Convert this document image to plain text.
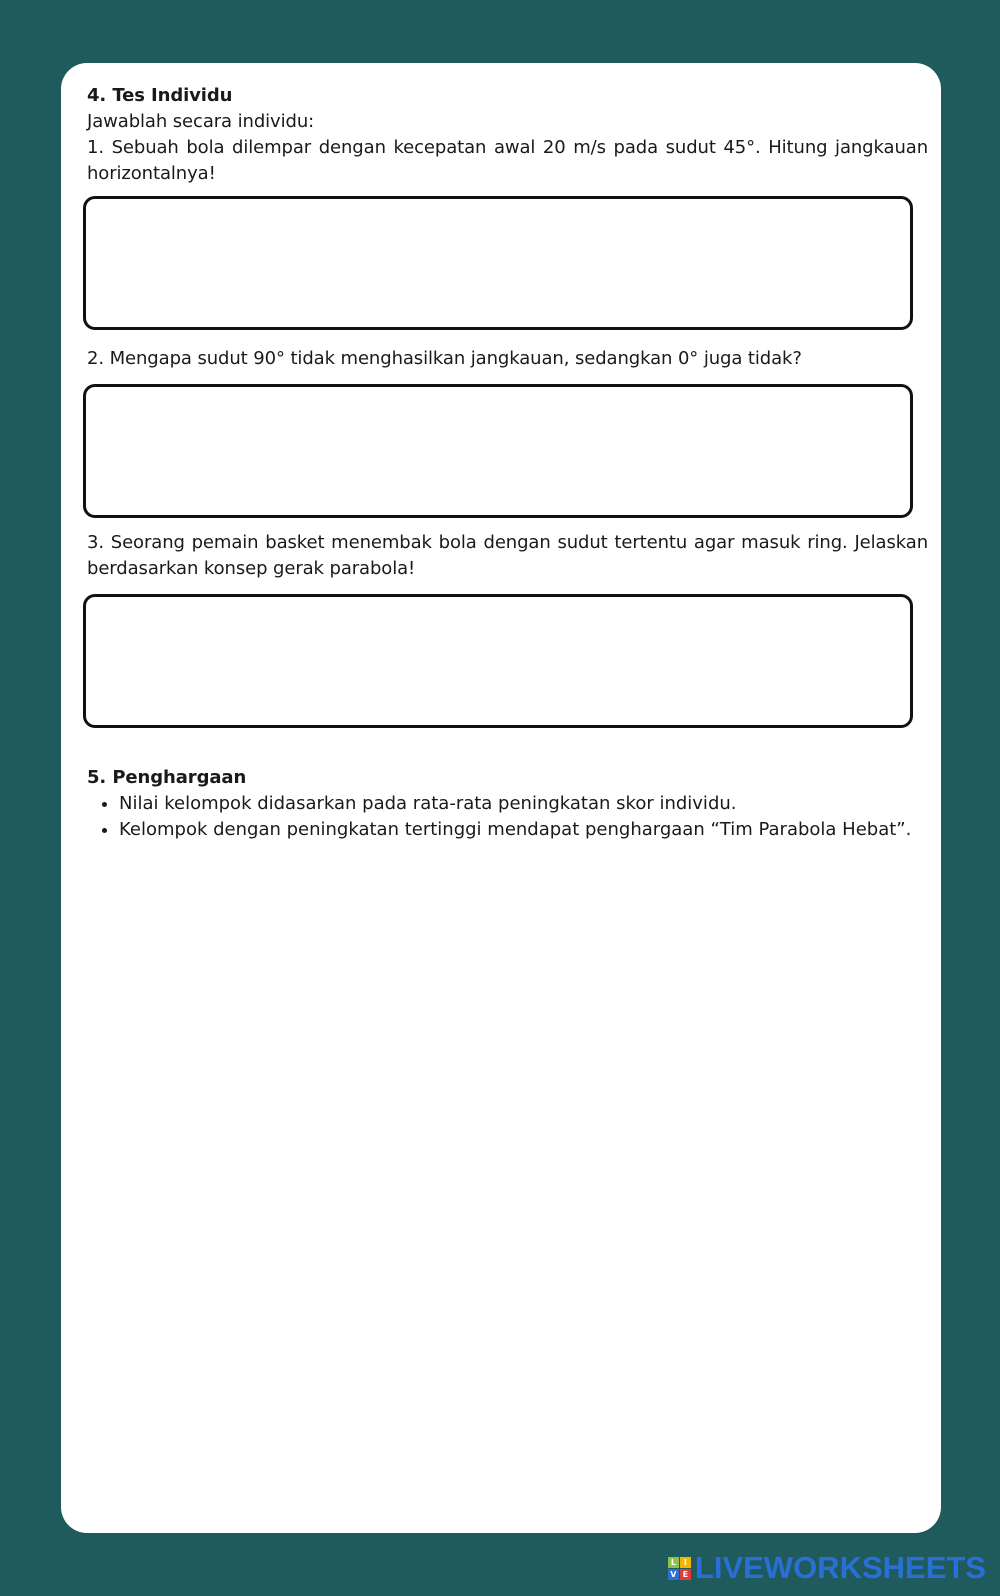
4. Tes Individu
Jawablah secara individu:
1. Sebuah bola dilempar dengan kecepatan awal 20 m/s pada sudut 45°. Hitung jangkauan horizontalnya!
2. Mengapa sudut 90° tidak menghasilkan jangkauan, sedangkan 0° juga tidak?
3. Seorang pemain basket menembak bola dengan sudut tertentu agar masuk ring. Jelaskan berdasarkan konsep gerak parabola!
5. Penghargaan
• Nilai kelompok didasarkan pada rata-rata peningkatan skor individu.
• Kelompok dengan peningkatan tertinggi mendapat penghargaan “Tim Parabola Hebat”.
L I
V E LIVEWORKSHEETS
